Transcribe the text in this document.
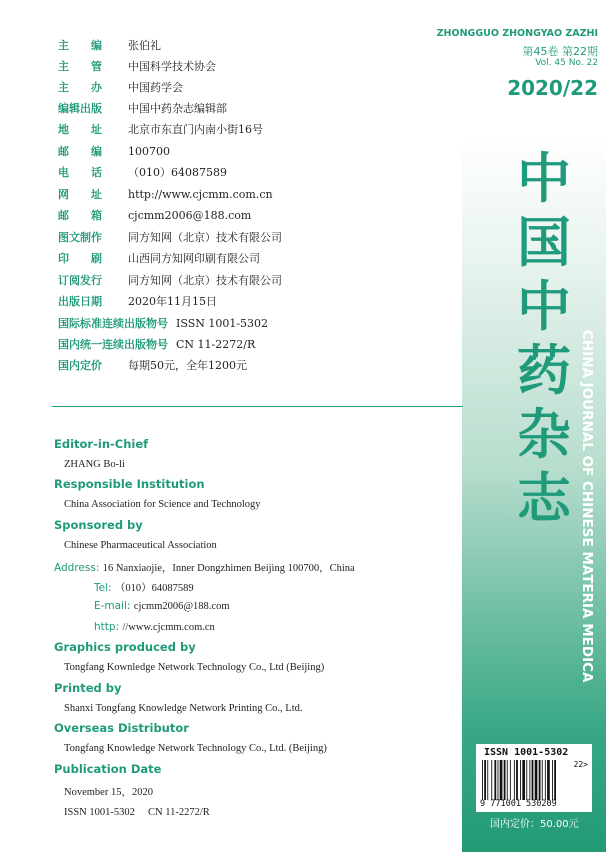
主　　编 张伯礼
主　　管 中国科学技术协会
主　　办 中国药学会
编辑出版 中国中药杂志编辑部
地　　址 北京市东直门内南小街16号
邮　　编 100700
电　　话 （010）64087589
网　　址 http://www.cjcmm.com.cn
邮　　箱 cjcmm2006@188.com
图文制作 同方知网（北京）技术有限公司
印　　刷 山西同方知网印刷有限公司
订阅发行 同方知网（北京）技术有限公司
出版日期 2020年11月15日
国际标准连续出版物号 ISSN 1001-5302
国内统一连续出版物号 CN 11-2272/R
国内定价 每期50元，全年1200元
Editor-in-Chief
ZHANG Bo-li
Responsible Institution
China Association for Science and Technology
Sponsored by
Chinese Pharmaceutical Association
Address: 16 Nanxiaojie，Inner Dongzhimen Beijing 100700，China
Tel: （010）64087589
E-mail: cjcmm2006@188.com
http: //www.cjcmm.com.cn
Graphics produced by
Tongfang Kownledge Network Technology Co., Ltd (Beijing)
Printed by
Shanxi Tongfang Knowledge Network Printing Co., Ltd.
Overseas Distributor
Tongfang Knowledge Network Technology Co., Ltd. (Beijing)
Publication Date
November 15，2020
ISSN 1001-5302　 CN 11-2272/R
ZHONGGUO ZHONGYAO ZAZHI
第45卷 第22期
Vol. 45 No. 22
2020/22
中
国
中
药
杂
志 CHINA JOURNAL OF CHINESE MATERIA MEDICA
ISSN 1001-5302
22>
9 771001 530209
国内定价：50.00元
